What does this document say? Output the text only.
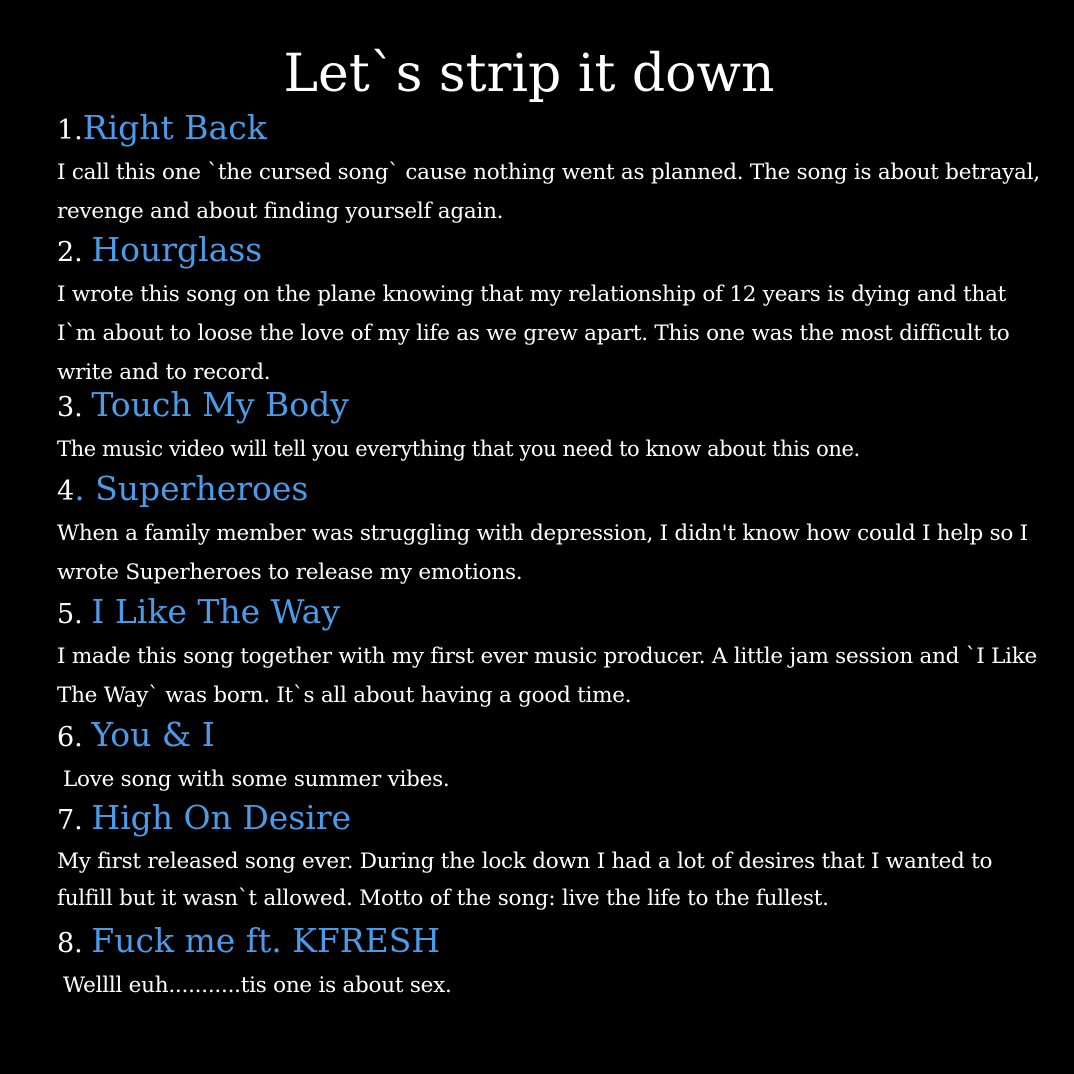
Let`s strip it down
1.Right Back
I call this one `the cursed song` cause nothing went as planned. The song is about betrayal, revenge and about finding yourself again.
2. Hourglass
I wrote this song on the plane knowing that my relationship of 12 years is dying and that I`m about to loose the love of my life as we grew apart. This one was the most difficult to write and to record.
3. Touch My Body
The music video will tell you everything that you need to know about this one.
4. Superheroes
When a family member was struggling with depression, I didn't know how could I help so I wrote Superheroes to release my emotions.
5. I Like The Way
I made this song together with my first ever music producer. A little jam session and `I Like The Way` was born. It`s all about having a good time.
6. You & I
Love song with some summer vibes.
7. High On Desire
My first released song ever. During the lock down I had a lot of desires that I wanted to fulfill but it wasn`t allowed. Motto of the song: live the life to the fullest.
8. Fuck me ft. KFRESH
Wellll euh...........tis one is about sex.
